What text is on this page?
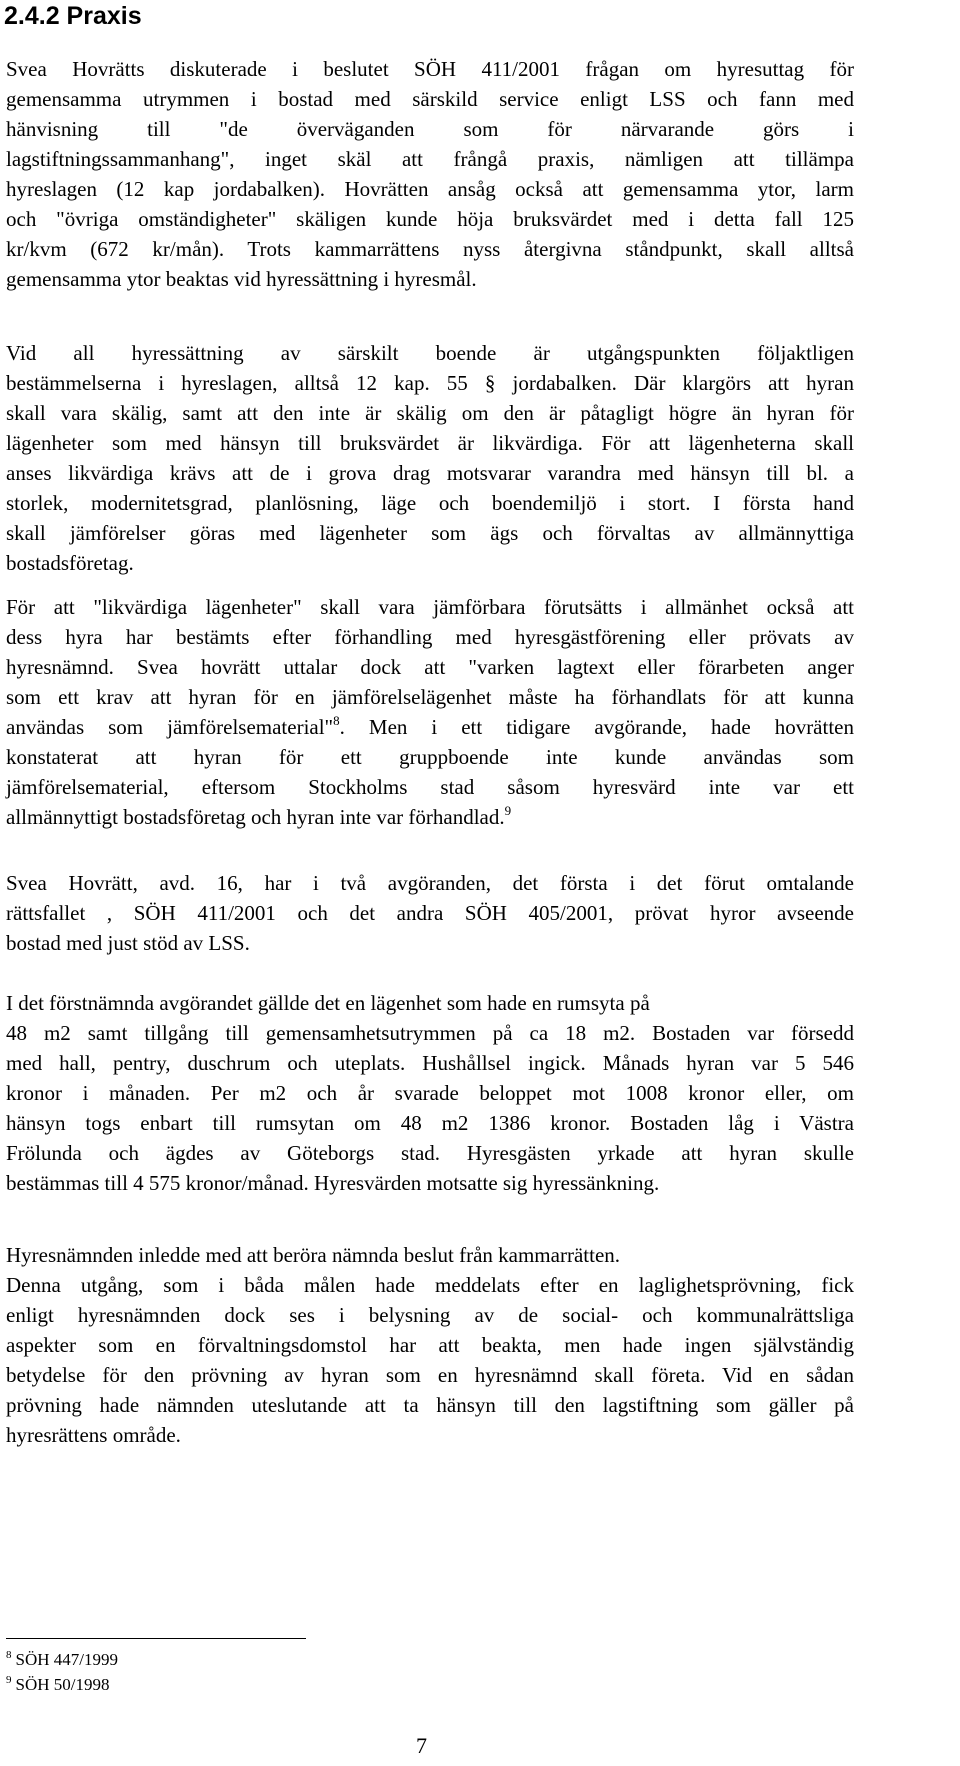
2.4.2 Praxis
Svea Hovrätts diskuterade i beslutet SÖH 411/2001 frågan om hyresuttag för
gemensamma utrymmen i bostad med särskild service enligt LSS och fann med
hänvisning till "de överväganden som för närvarande görs i
lagstiftningssammanhang", inget skäl att frångå praxis, nämligen att tillämpa
hyreslagen (12 kap jordabalken). Hovrätten ansåg också att gemensamma ytor, larm
och "övriga omständigheter" skäligen kunde höja bruksvärdet med i detta fall 125
kr/kvm (672 kr/mån). Trots kammarrättens nyss återgivna ståndpunkt, skall alltså
gemensamma ytor beaktas vid hyressättning i hyresmål.
Vid all hyressättning av särskilt boende är utgångspunkten följaktligen
bestämmelserna i hyreslagen, alltså 12 kap. 55 § jordabalken. Där klargörs att hyran
skall vara skälig, samt att den inte är skälig om den är påtagligt högre än hyran för
lägenheter som med hänsyn till bruksvärdet är likvärdiga. För att lägenheterna skall
anses likvärdiga krävs att de i grova drag motsvarar varandra med hänsyn till bl. a
storlek, modernitetsgrad, planlösning, läge och boendemiljö i stort. I första hand
skall jämförelser göras med lägenheter som ägs och förvaltas av allmännyttiga
bostadsföretag.
För att "likvärdiga lägenheter" skall vara jämförbara förutsätts i allmänhet också att
dess hyra har bestämts efter förhandling med hyresgästförening eller prövats av
hyresnämnd. Svea hovrätt uttalar dock att "varken lagtext eller förarbeten anger
som ett krav att hyran för en jämförelselägenhet måste ha förhandlats för att kunna
användas som jämförelsematerial"$^8$. Men i ett tidigare avgörande, hade hovrätten
konstaterat att hyran för ett gruppboende inte kunde användas som
jämförelsematerial, eftersom Stockholms stad såsom hyresvärd inte var ett
allmännyttigt bostadsföretag och hyran inte var förhandlad.$^9$
Svea Hovrätt, avd. 16, har i två avgöranden, det första i det förut omtalande
rättsfallet , SÖH 411/2001 och det andra SÖH 405/2001, prövat hyror avseende
bostad med just stöd av LSS.
I det förstnämnda avgörandet gällde det en lägenhet som hade en rumsyta på
48 m2 samt tillgång till gemensamhetsutrymmen på ca 18 m2. Bostaden var försedd
med hall, pentry, duschrum och uteplats. Hushållsel ingick. Månads hyran var 5 546
kronor i månaden. Per m2 och år svarade beloppet mot 1008 kronor eller, om
hänsyn togs enbart till rumsytan om 48 m2 1386 kronor. Bostaden låg i Västra
Frölunda och ägdes av Göteborgs stad. Hyresgästen yrkade att hyran skulle
bestämmas till 4 575 kronor/månad. Hyresvärden motsatte sig hyressänkning.
Hyresnämnden inledde med att beröra nämnda beslut från kammarrätten.
Denna utgång, som i båda målen hade meddelats efter en laglighetsprövning, fick
enligt hyresnämnden dock ses i belysning av de social- och kommunalrättsliga
aspekter som en förvaltningsdomstol har att beakta, men hade ingen självständig
betydelse för den prövning av hyran som en hyresnämnd skall företa. Vid en sådan
prövning hade nämnden uteslutande att ta hänsyn till den lagstiftning som gäller på
hyresrättens område.
$^8$ SÖH 447/1999
$^9$ SÖH 50/1998
7
